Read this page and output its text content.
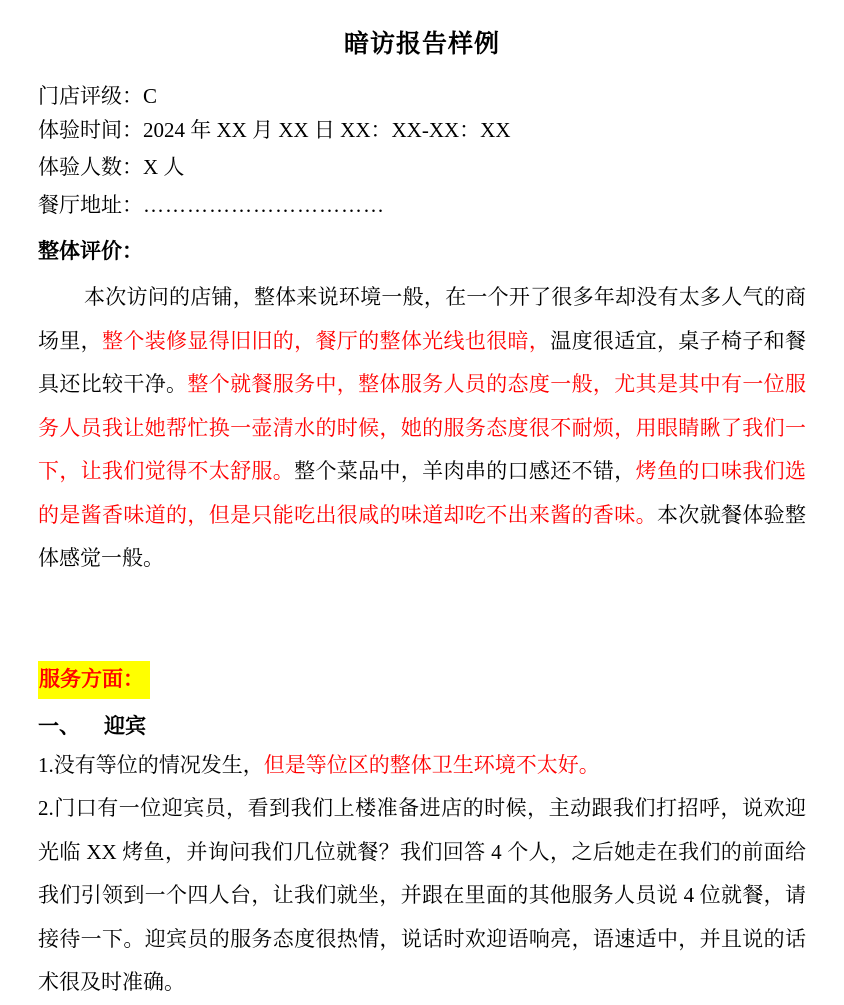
暗访报告样例
门店评级：C
体验时间：2024 年 XX 月 XX 日 XX：XX-XX：XX
体验人数：X 人
餐厅地址：……………………………
整体评价：

本次访问的店铺，整体来说环境一般，在一个开了很多年却没有太多人气的商场里，整个装修显得旧旧的，餐厅的整体光线也很暗，温度很适宜，桌子椅子和餐具还比较干净。整个就餐服务中，整体服务人员的态度一般，尤其是其中有一位服务人员我让她帮忙换一壶清水的时候，她的服务态度很不耐烦，用眼睛瞅了我们一下，让我们觉得不太舒服。整个菜品中，羊肉串的口感还不错，烤鱼的口味我们选的是酱香味道的，但是只能吃出很咸的味道却吃不出来酱的香味。本次就餐体验整体感觉一般。

服务方面：
一、 迎宾

1.没有等位的情况发生，但是等位区的整体卫生环境不太好。

2.门口有一位迎宾员，看到我们上楼准备进店的时候，主动跟我们打招呼，说欢迎光临 XX 烤鱼，并询问我们几位就餐？我们回答 4 个人，之后她走在我们的前面给我们引领到一个四人台，让我们就坐，并跟在里面的其他服务人员说 4 位就餐，请接待一下。迎宾员的服务态度很热情，说话时欢迎语响亮，语速适中，并且说的话术很及时准确。
